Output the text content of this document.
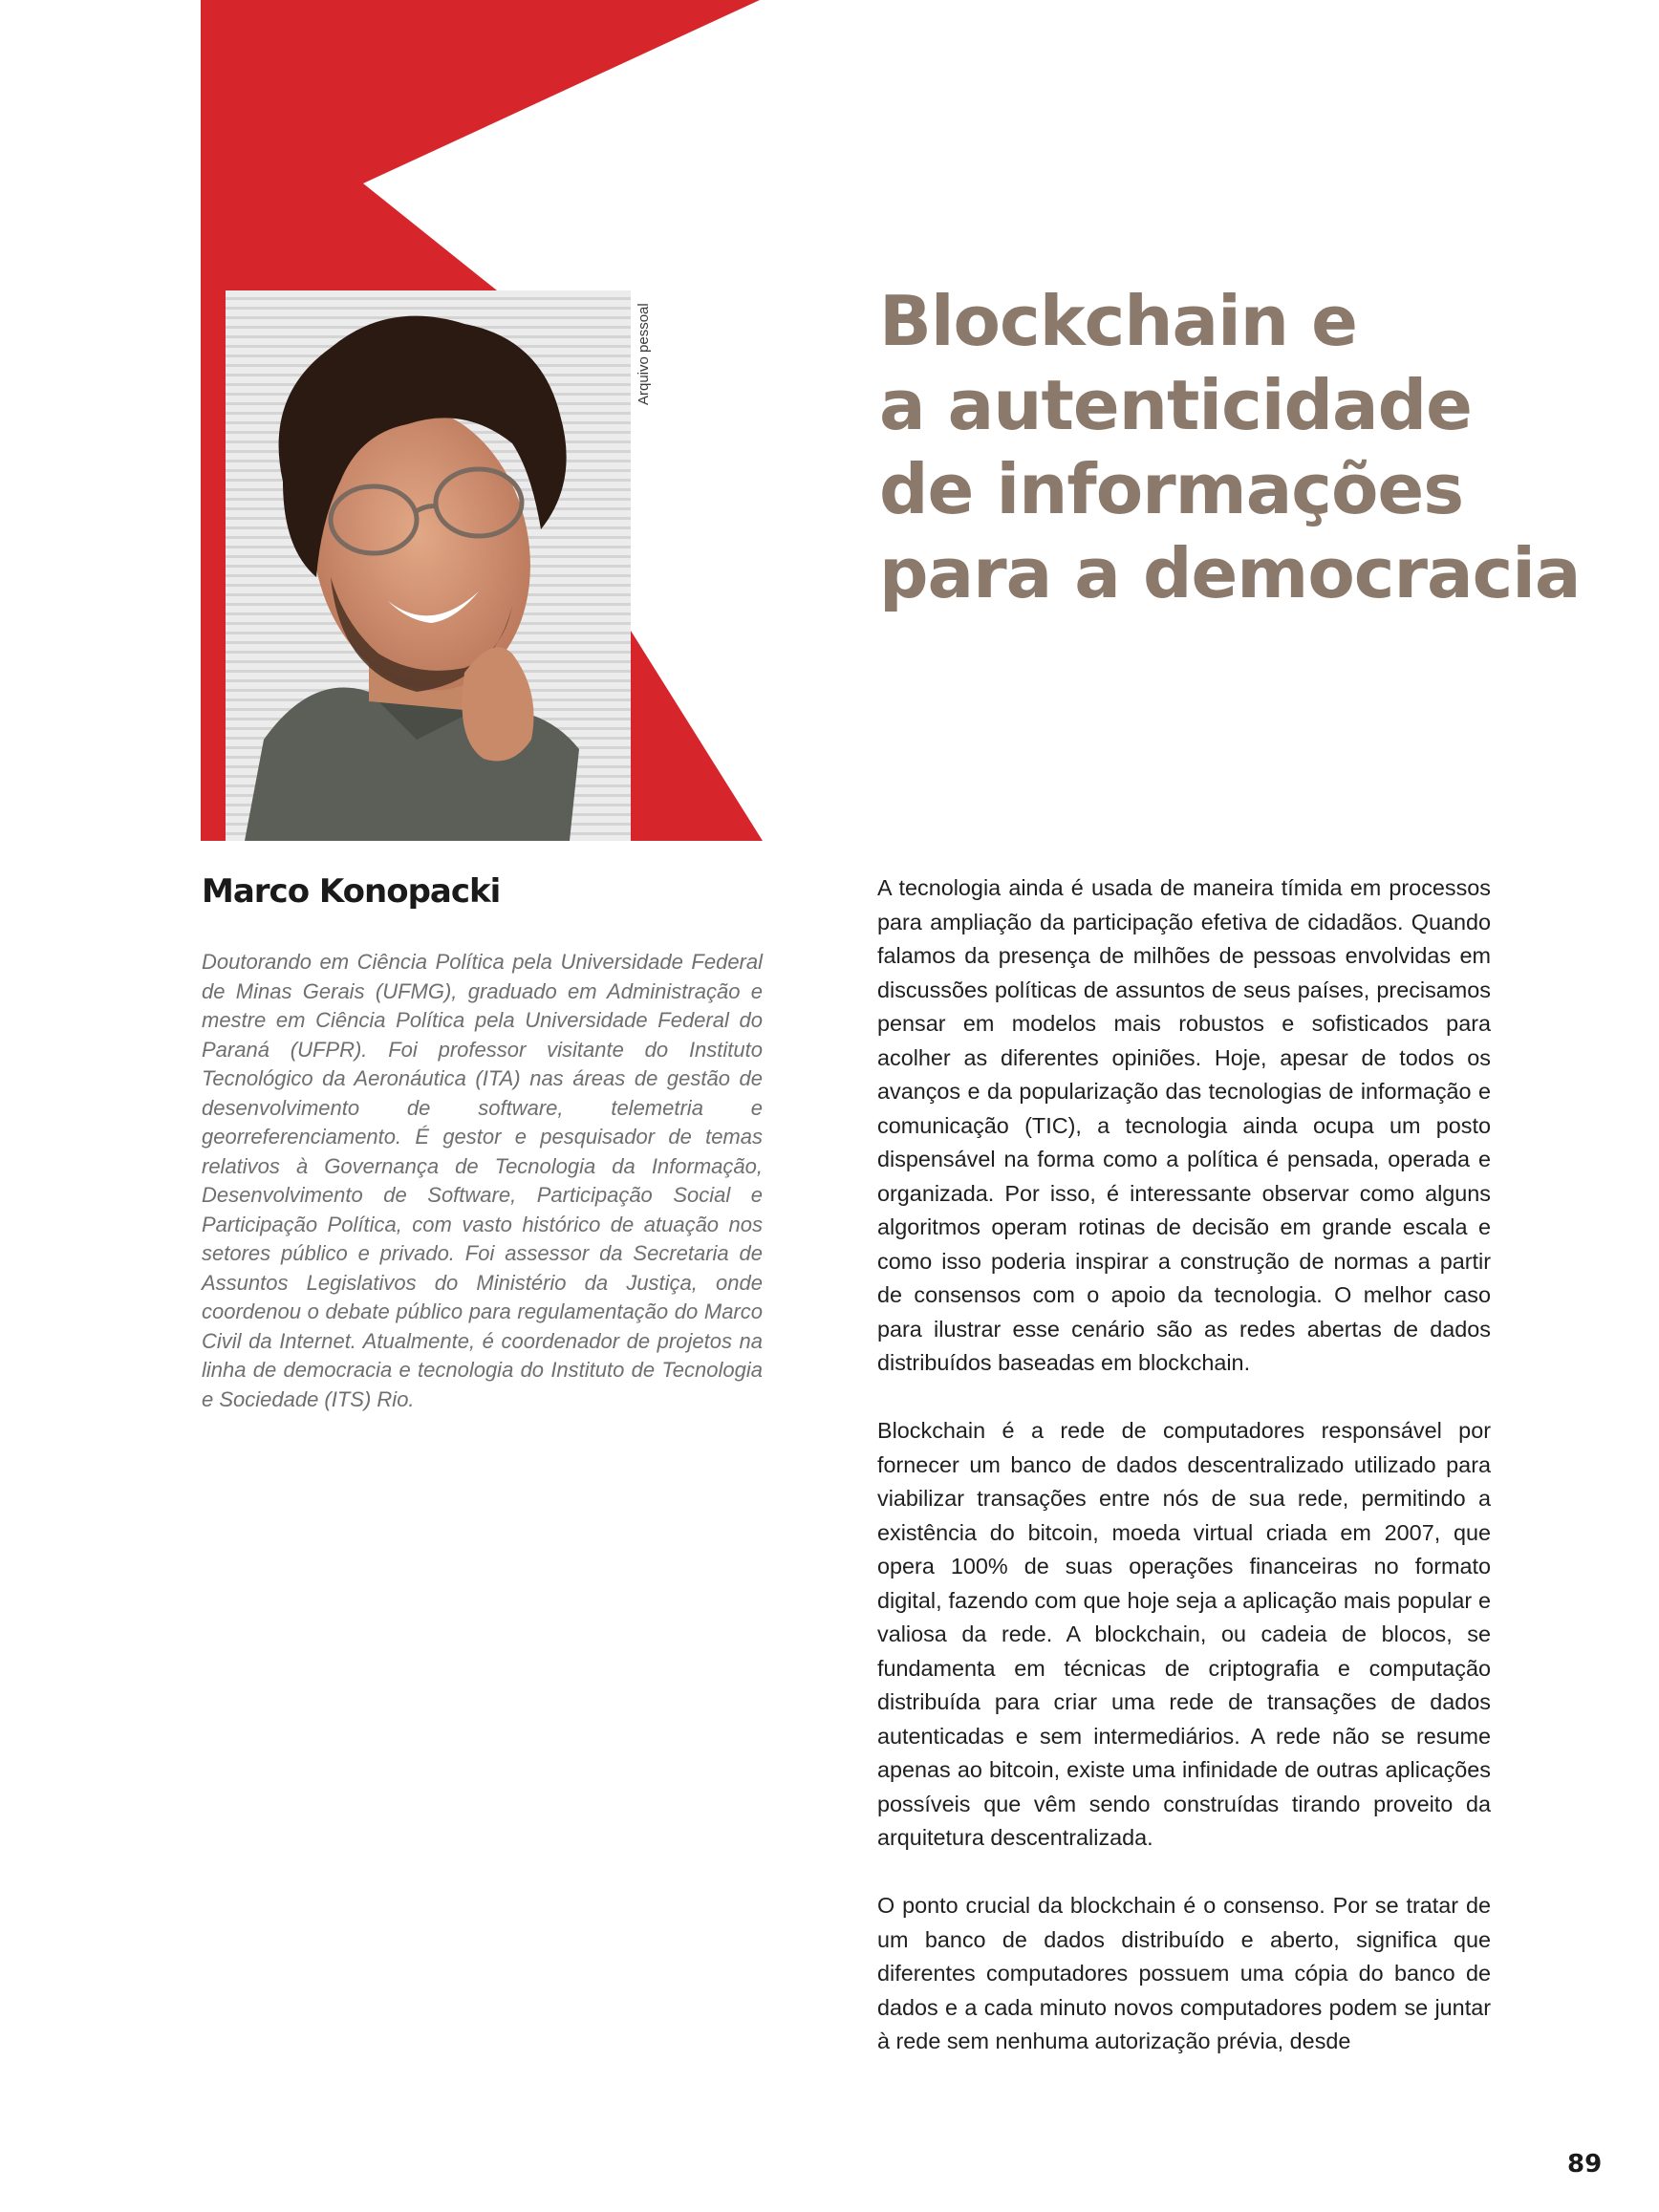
Arquivo pessoal	Blockchain e
a autenticidade
de informações
para a democracia
Marco Konopacki

Doutorando em Ciência Política pela Universidade Federal de Minas Gerais (UFMG), graduado em Administração e mestre em Ciência Política pela Universidade Federal do Paraná (UFPR). Foi professor visitante do Instituto Tecnológico da Aeronáutica (ITA) nas áreas de gestão de desenvolvimento de software, telemetria e georreferenciamento. É gestor e pesquisador de temas relativos à Governança de Tecnologia da Informação, Desenvolvimento de Software, Participação Social e Participação Política, com vasto histórico de atuação nos setores público e privado. Foi assessor da Secretaria de Assuntos Legislativos do Ministério da Justiça, onde coordenou o debate público para regulamentação do Marco Civil da Internet. Atualmente, é coordenador de projetos na linha de democracia e tecnologia do Instituto de Tecnologia e Sociedade (ITS) Rio.

A tecnologia ainda é usada de maneira tímida em processos para ampliação da participação efetiva de cidadãos. Quando falamos da presença de milhões de pessoas envolvidas em discussões políticas de assuntos de seus países, precisamos pensar em modelos mais robustos e sofisticados para acolher as diferentes opiniões. Hoje, apesar de todos os avanços e da popularização das tecnologias de informação e comunicação (TIC), a tecnologia ainda ocupa um posto dispensável na forma como a política é pensada, operada e organizada. Por isso, é interessante observar como alguns algoritmos operam rotinas de decisão em grande escala e como isso poderia inspirar a construção de normas a partir de consensos com o apoio da tecnologia. O melhor caso para ilustrar esse cenário são as redes abertas de dados distribuídos baseadas em blockchain.

Blockchain é a rede de computadores responsável por fornecer um banco de dados descentralizado utilizado para viabilizar transações entre nós de sua rede, permitindo a existência do bitcoin, moeda virtual criada em 2007, que opera 100% de suas operações financeiras no formato digital, fazendo com que hoje seja a aplicação mais popular e valiosa da rede. A blockchain, ou cadeia de blocos, se fundamenta em técnicas de criptografia e computação distribuída para criar uma rede de transações de dados autenticadas e sem intermediários. A rede não se resume apenas ao bitcoin, existe uma infinidade de outras aplicações possíveis que vêm sendo construídas tirando proveito da arquitetura descentralizada.

O ponto crucial da blockchain é o consenso. Por se tratar de um banco de dados distribuído e aberto, significa que diferentes computadores possuem uma cópia do banco de dados e a cada minuto novos computadores podem se juntar à rede sem nenhuma autorização prévia, desde

89
